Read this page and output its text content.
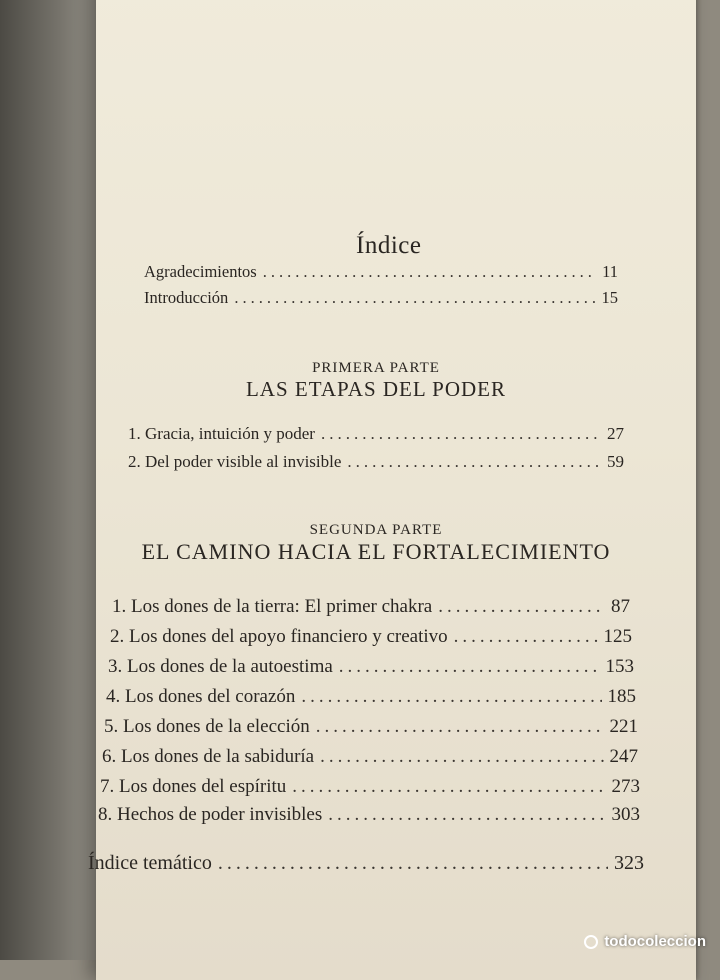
Índice
Agradecimientos .....	11
Introducción .....	15
PRIMERA PARTE
LAS ETAPAS DEL PODER
1.
Gracia, intuición y poder .....	27
2.
Del poder visible al invisible .....	59
SEGUNDA PARTE
EL CAMINO HACIA EL FORTALECIMIENTO
1.
Los dones de la tierra: El primer chakra .....	87
2.
Los dones del apoyo financiero y creativo .....	125
3.
Los dones de la autoestima .....	153
4.
Los dones del corazón .....	185
5.
Los dones de la elección .....	221
6.
Los dones de la sabiduría .....	247
7.
Los dones del espíritu .....	273
8.
Hechos de poder invisibles .....	303
Índice temático .....	323
todocoleccion
